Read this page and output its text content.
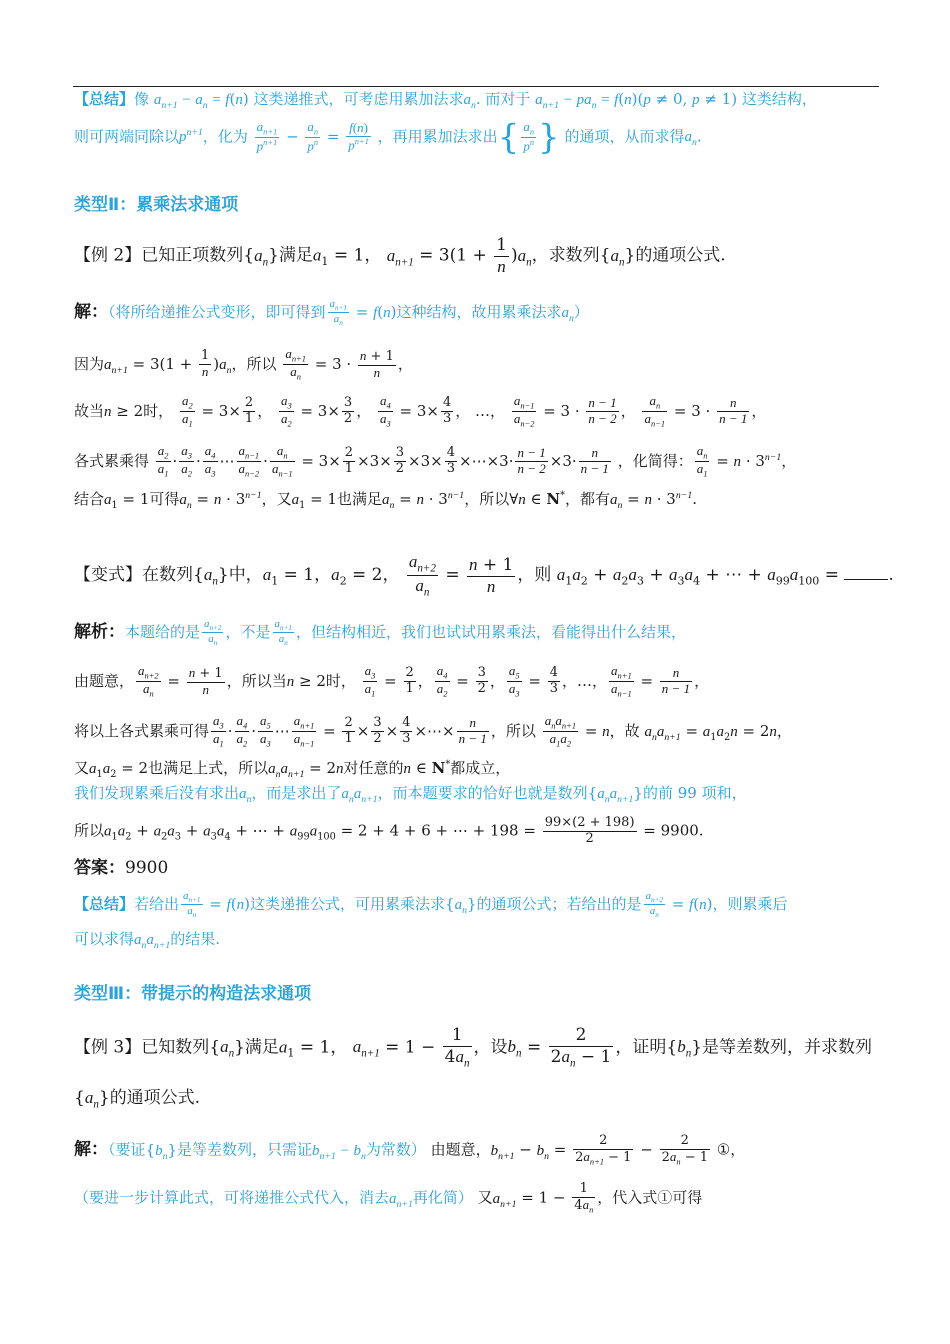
【总结】像 $a_{n+1} - a_n = f(n)$ 这类递推式，可考虑用累加法求$a_n$. 而对于 $a_{n+1} - pa_n = f(n)(p \ne 0$, p ≠ 1) 这类结构，
则可两端同除以$p^{n+1}$，化为 $\frac{a_{n+1}}{p^{n+1}} - \frac{a_n}{p^n} = \frac{f(n)}{p^{n+1}}$ ，再用累加法求出{ $\frac{a_n}{p^n}$ } 的通项，从而求得$a_n$.
类型Ⅱ：累乘法求通项
【例 2】已知正项数列$\{a_n\}$满足$a_1 = 1$， $a_{n+1} = 3(1 + \frac{1}{n} )a_n$，求数列$\{a_n\}$的通项公式.
解：（将所给递推公式变形，即可得到 $\frac{a_{n+1}}{a_n} = f(n)$这种结构，故用累乘法求$a_n$）
因为$a_{n+1} = 3(1 + \frac{1}{n} )a_n$，所以 $\frac{a_{n+1}}{a_n} = 3 \cdot \frac{n + 1}{n}$ ，
故当n ≥ 2时， $\frac{a_2}{a_1} = 3\times \frac{2}{1}$ ， $\frac{a_3}{a_2} = 3\times \frac{3}{2}$ ， $\frac{a_4}{a_3} = 3\times \frac{4}{3}$ ， …， $\frac{a_{n-1}}{a_{n-2}} = 3 \cdot \frac{n - 1}{n - 2}$ ， $\frac{a_n}{a_{n-1}} = 3 \cdot \frac{n}{n - 1}$ ，
各式累乘得 $\frac{a_2}{a_1} \cdot \frac{a_3}{a_2} \cdot \frac{a_4}{a_3}$ ⋯ $\frac{a_{n-1}}{a_{n-2}} \cdot \frac{a_n}{a_{n-1}} = 3\times \frac{2}{1} \times 3\times \frac{3}{2} \times 3\times \frac{4}{3}$ ×⋯×3· $\frac{n - 1}{n - 2} \times 3\cdot \frac{n}{n - 1}$ ，化简得： $\frac{a_n}{a_1} = n \cdot 3^{n-1}$，
结合$a_1 = 1$可得$a_n = n \cdot 3^{n-1}$，又$a_1 = 1$也满足$a_n = n \cdot 3^{n-1}$，所以∀n ∈ N*，都有$a_n = n \cdot 3^{n-1}$.
【变式】在数列$\{a_n\}$中，$a_1 = 1$，$a_2 = 2$， $\frac{a_{n+2}}{a_n} = \frac{n + 1}{n}$ ，则 $a_1a_2 + a_2a_3 + a_3a_4$ + ⋯ + $a_{99}a_{100}$ =	.
解析：本题给的是 $\frac{a_{n+2}}{a_n}$ ，不是 $\frac{a_{n+1}}{a_n}$ ，但结构相近，我们也试试用累乘法，看能得出什么结果，
由题意， $\frac{a_{n+2}}{a_n} = \frac{n + 1}{n}$ ，所以当n ≥ 2时， $\frac{a_3}{a_1} = \frac{2}{1}$ ， $\frac{a_4}{a_2} = \frac{3}{2}$ ， $\frac{a_5}{a_3} = \frac{4}{3}$ ，…， $\frac{a_{n+1}}{a_{n-1}} = \frac{n}{n - 1}$ ，
将以上各式累乘可得 $\frac{a_3}{a_1} \cdot \frac{a_4}{a_2} \cdot \frac{a_5}{a_3}$ ⋯ $\frac{a_{n+1}}{a_{n-1}} = \frac{2}{1} \times \frac{3}{2} \times \frac{4}{3}$ ×⋯× $\frac{n}{n - 1}$ ，所以
$a_na_{n+1}$
$a_1a_2$
= n，故 $a_na_{n+1} = a_1a_2n = 2n$，
又$a_1a_2 = 2$也满足上式，所以$a_na_{n+1} = 2n$对任意的n ∈ N*都成立，
我们发现累乘后没有求出$a_n$，而是求出了$a_na_{n+1}$，而本题要求的恰好也就是数列$\{a_na_{n+1}\}$的前 99 项和，
所以$a_1a_2 + a_2a_3 + a_3a_4$ + ⋯ + $a_{99}a_{100} = 2 + 4 + 6$ + ⋯ + $198 = \frac{99\times(2 + 198)}{2} = 9900$.
答案：9900
【总结】若给出 $\frac{a_{n+1}}{a_n} = f(n)$这类递推公式，可用累乘法求$\{a_n\}$的通项公式；若给出的是 $\frac{a_{n+2}}{a_n} = f(n)$，则累乘后
可以求得$a_na_{n+1}$的结果.
类型Ⅲ：带提示的构造法求通项
【例 3】已知数列$\{a_n\}$满足$a_1 = 1$， $a_{n+1} = 1 - \frac{1}{4a_n}$ ，设$b_n = \frac{2}{2a_n - 1}$ ，证明$\{b_n\}$是等差数列，并求数列
$\{a_n\}$的通项公式.
解：（要证$\{b_n\}$是等差数列，只需证$b_{n+1} - b_n$为常数） 由题意，$b_{n+1} - b_n = \frac{2}{2a_{n+1} - 1} - \frac{2}{2a_n - 1}$ ①，
（要进一步计算此式，可将递推公式代入，消去$a_{n+1}$再化简） 又$a_{n+1} = 1 - \frac{1}{4a_n}$ ，代入式①可得
